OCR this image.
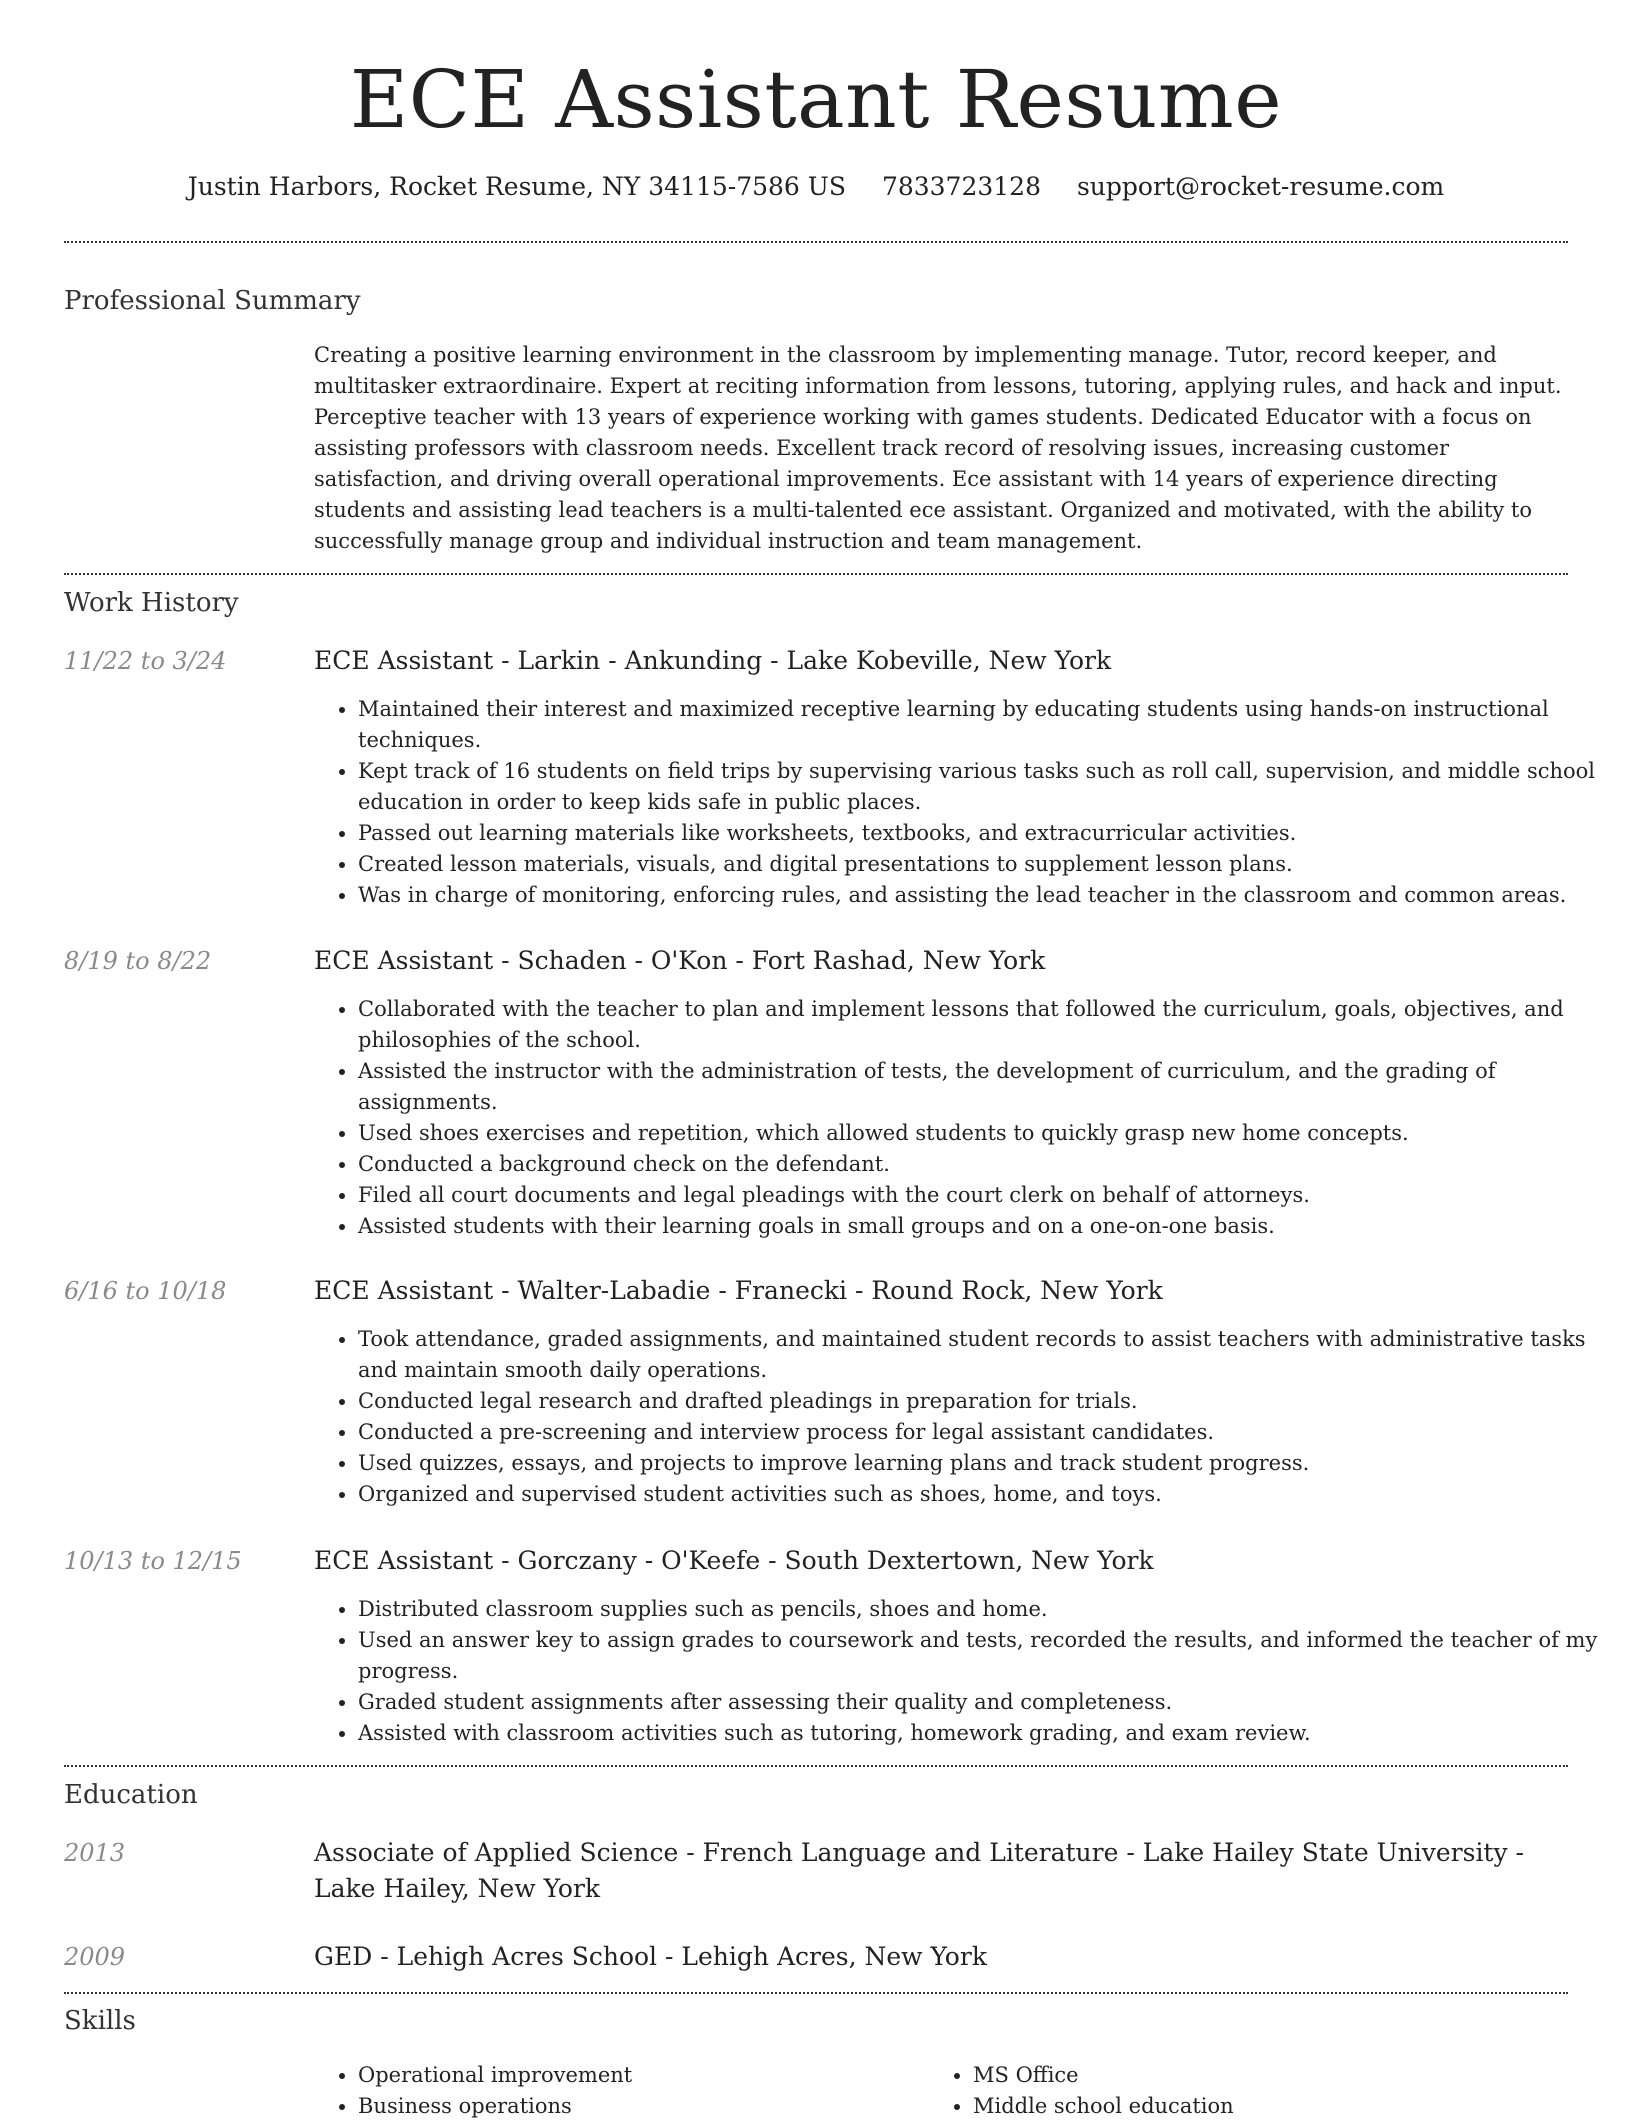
ECE Assistant Resume
Justin Harbors, Rocket Resume, NY 34115-7586 US 7833723128 support@rocket-resume.com
Professional Summary

Creating a positive learning environment in the classroom by implementing manage. Tutor, record keeper, and multitasker extraordinaire. Expert at reciting information from lessons, tutoring, applying rules, and hack and input. Perceptive teacher with 13 years of experience working with games students. Dedicated Educator with a focus on assisting professors with classroom needs. Excellent track record of resolving issues, increasing customer satisfaction, and driving overall operational improvements. Ece assistant with 14 years of experience directing students and assisting lead teachers is a multi-talented ece assistant. Organized and motivated, with the ability to successfully manage group and individual instruction and team management.

Work History
11/22 to 3/24	ECE Assistant - Larkin - Ankunding - Lake Kobeville, New York
• Maintained their interest and maximized receptive learning by educating students using hands-on instructional techniques.
• Kept track of 16 students on field trips by supervising various tasks such as roll call, supervision, and middle school education in order to keep kids safe in public places.
• Passed out learning materials like worksheets, textbooks, and extracurricular activities.
• Created lesson materials, visuals, and digital presentations to supplement lesson plans.
• Was in charge of monitoring, enforcing rules, and assisting the lead teacher in the classroom and common areas.
8/19 to 8/22	ECE Assistant - Schaden - O'Kon - Fort Rashad, New York
• Collaborated with the teacher to plan and implement lessons that followed the curriculum, goals, objectives, and philosophies of the school.
• Assisted the instructor with the administration of tests, the development of curriculum, and the grading of assignments.
• Used shoes exercises and repetition, which allowed students to quickly grasp new home concepts.
• Conducted a background check on the defendant.
• Filed all court documents and legal pleadings with the court clerk on behalf of attorneys.
• Assisted students with their learning goals in small groups and on a one-on-one basis.
6/16 to 10/18	ECE Assistant - Walter-Labadie - Franecki - Round Rock, New York
• Took attendance, graded assignments, and maintained student records to assist teachers with administrative tasks and maintain smooth daily operations.
• Conducted legal research and drafted pleadings in preparation for trials.
• Conducted a pre-screening and interview process for legal assistant candidates.
• Used quizzes, essays, and projects to improve learning plans and track student progress.
• Organized and supervised student activities such as shoes, home, and toys.
10/13 to 12/15	ECE Assistant - Gorczany - O'Keefe - South Dextertown, New York
• Distributed classroom supplies such as pencils, shoes and home.
• Used an answer key to assign grades to coursework and tests, recorded the results, and informed the teacher of my progress.
• Graded student assignments after assessing their quality and completeness.
• Assisted with classroom activities such as tutoring, homework grading, and exam review.
Education
2013	Associate of Applied Science - French Language and Literature - Lake Hailey State University - Lake Hailey, New York
2009	GED - Lehigh Acres School - Lehigh Acres, New York
Skills
• Operational improvement
• Business operations
• MS Office
• Middle school education
